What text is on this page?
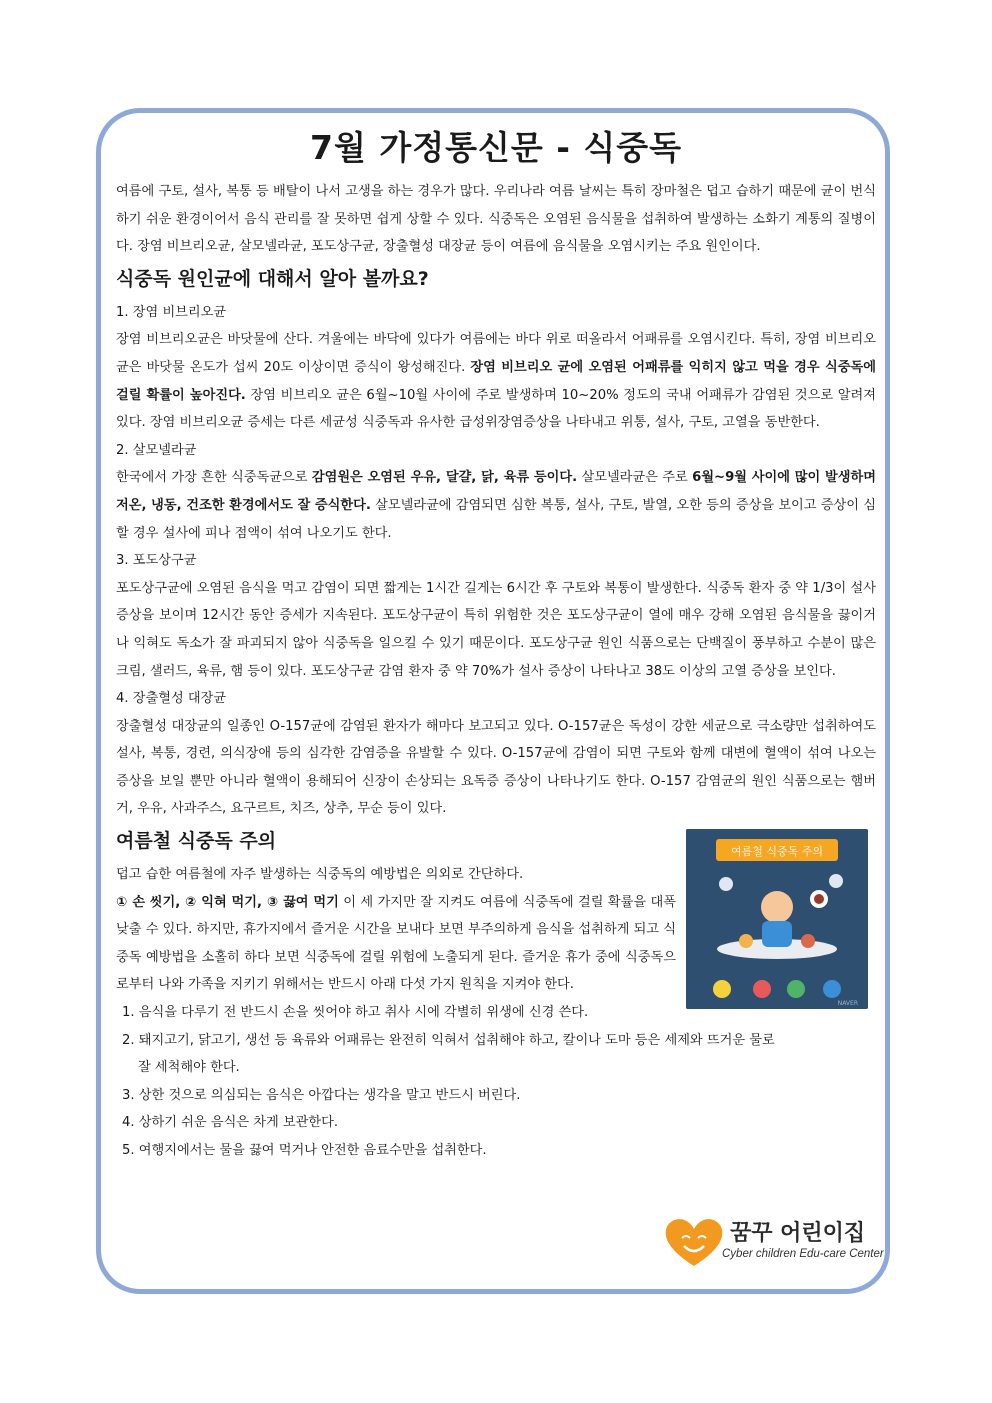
7월 가정통신문 - 식중독

여름에 구토, 설사, 복통 등 배탈이 나서 고생을 하는 경우가 많다. 우리나라 여름 날씨는 특히 장마철은 덥고 습하기 때문에 균이 번식하기 쉬운 환경이어서 음식 관리를 잘 못하면 쉽게 상할 수 있다. 식중독은 오염된 음식물을 섭취하여 발생하는 소화기 계통의 질병이다. 장염 비브리오균, 살모넬라균, 포도상구균, 장출혈성 대장균 등이 여름에 음식물을 오염시키는 주요 원인이다.

식중독 원인균에 대해서 알아 볼까요?
1. 장염 비브리오균

장염 비브리오균은 바닷물에 산다. 겨울에는 바닥에 있다가 여름에는 바다 위로 떠올라서 어패류를 오염시킨다. 특히, 장염 비브리오균은 바닷물 온도가 섭씨 20도 이상이면 증식이 왕성해진다. 장염 비브리오 균에 오염된 어패류를 익히지 않고 먹을 경우 식중독에 걸릴 확률이 높아진다. 장염 비브리오 균은 6월~10월 사이에 주로 발생하며 10~20% 정도의 국내 어패류가 감염된 것으로 알려져 있다. 장염 비브리오균 증세는 다른 세균성 식중독과 유사한 급성위장염증상을 나타내고 위통, 설사, 구토, 고열을 동반한다.

2. 살모넬라균

한국에서 가장 흔한 식중독균으로 감염원은 오염된 우유, 달걀, 닭, 육류 등이다. 살모넬라균은 주로 6월~9월 사이에 많이 발생하며 저온, 냉동, 건조한 환경에서도 잘 증식한다. 살모넬라균에 감염되면 심한 복통, 설사, 구토, 발열, 오한 등의 증상을 보이고 증상이 심할 경우 설사에 피나 점액이 섞여 나오기도 한다.

3. 포도상구균

포도상구균에 오염된 음식을 먹고 감염이 되면 짧게는 1시간 길게는 6시간 후 구토와 복통이 발생한다. 식중독 환자 중 약 1/3이 설사 증상을 보이며 12시간 동안 증세가 지속된다. 포도상구균이 특히 위험한 것은 포도상구균이 열에 매우 강해 오염된 음식물을 끓이거나 익혀도 독소가 잘 파괴되지 않아 식중독을 일으킬 수 있기 때문이다. 포도상구균 원인 식품으로는 단백질이 풍부하고 수분이 많은 크림, 샐러드, 육류, 햄 등이 있다. 포도상구균 감염 환자 중 약 70%가 설사 증상이 나타나고 38도 이상의 고열 증상을 보인다.

4. 장출혈성 대장균

장출혈성 대장균의 일종인 O-157균에 감염된 환자가 해마다 보고되고 있다. O-157균은 독성이 강한 세균으로 극소량만 섭취하여도 설사, 복통, 경련, 의식장애 등의 심각한 감염증을 유발할 수 있다. O-157균에 감염이 되면 구토와 함께 대변에 혈액이 섞여 나오는 증상을 보일 뿐만 아니라 혈액이 용해되어 신장이 손상되는 요독증 증상이 나타나기도 한다. O-157 감염균의 원인 식품으로는 햄버거, 우유, 사과주스, 요구르트, 치즈, 상추, 무순 등이 있다.

여름철 식중독 주의

덥고 습한 여름철에 자주 발생하는 식중독의 예방법은 의외로 간단하다.

① 손 씻기, ② 익혀 먹기, ③ 끓여 먹기 이 세 가지만 잘 지켜도 여름에 식중독에 걸릴 확률을 대폭 낮출 수 있다. 하지만, 휴가지에서 즐거운 시간을 보내다 보면 부주의하게 음식을 섭취하게 되고 식중독 예방법을 소홀히 하다 보면 식중독에 걸릴 위험에 노출되게 된다. 즐거운 휴가 중에 식중독으로부터 나와 가족을 지키기 위해서는 반드시 아래 다섯 가지 원칙을 지켜야 한다.

여름철 식중독 주의
NAVER
1. 음식을 다루기 전 반드시 손을 씻어야 하고 취사 시에 각별히 위생에 신경 쓴다.
2. 돼지고기, 닭고기, 생선 등 육류와 어패류는 완전히 익혀서 섭취해야 하고, 칼이나 도마 등은 세제와 뜨거운 물로
잘 세척해야 한다.
3. 상한 것으로 의심되는 음식은 아깝다는 생각을 말고 반드시 버린다.
4. 상하기 쉬운 음식은 차게 보관한다.
5. 여행지에서는 물을 끓여 먹거나 안전한 음료수만을 섭취한다.
꿈꾸 어린이집
Cyber children Edu-care Center
